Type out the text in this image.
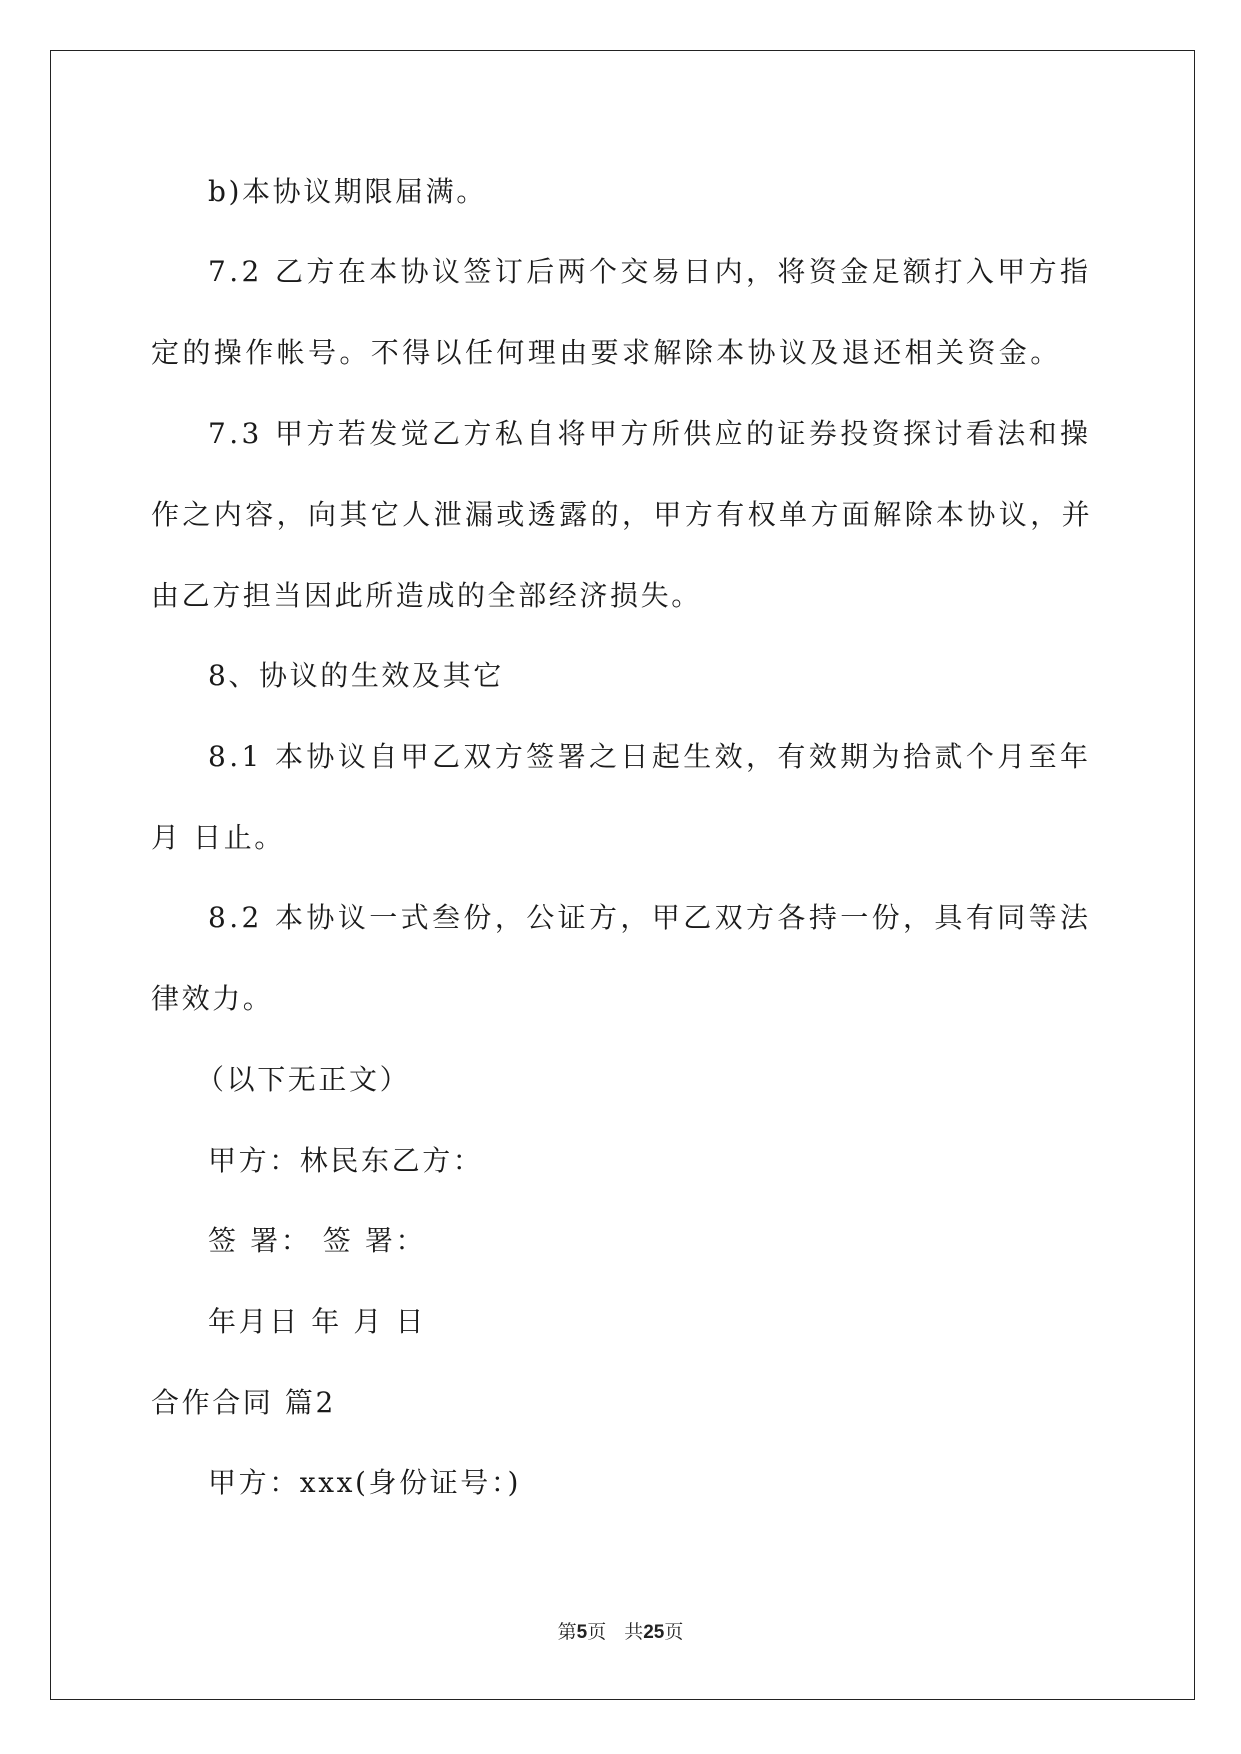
b)本协议期限届满。
7.2 乙方在本协议签订后两个交易日内，将资金足额打入甲方指
定的操作帐号。不得以任何理由要求解除本协议及退还相关资金。
7.3 甲方若发觉乙方私自将甲方所供应的证券投资探讨看法和操
作之内容，向其它人泄漏或透露的，甲方有权单方面解除本协议，并
由乙方担当因此所造成的全部经济损失。
8、协议的生效及其它
8.1 本协议自甲乙双方签署之日起生效，有效期为拾贰个月至年
月 日止。
8.2 本协议一式叁份，公证方，甲乙双方各持一份，具有同等法
律效力。
（以下无正文）
甲方：林民东乙方：
签 署： 签 署：
年月日 年 月 日
合作合同 篇2
甲方：xxx(身份证号：)
第5页 共25页
